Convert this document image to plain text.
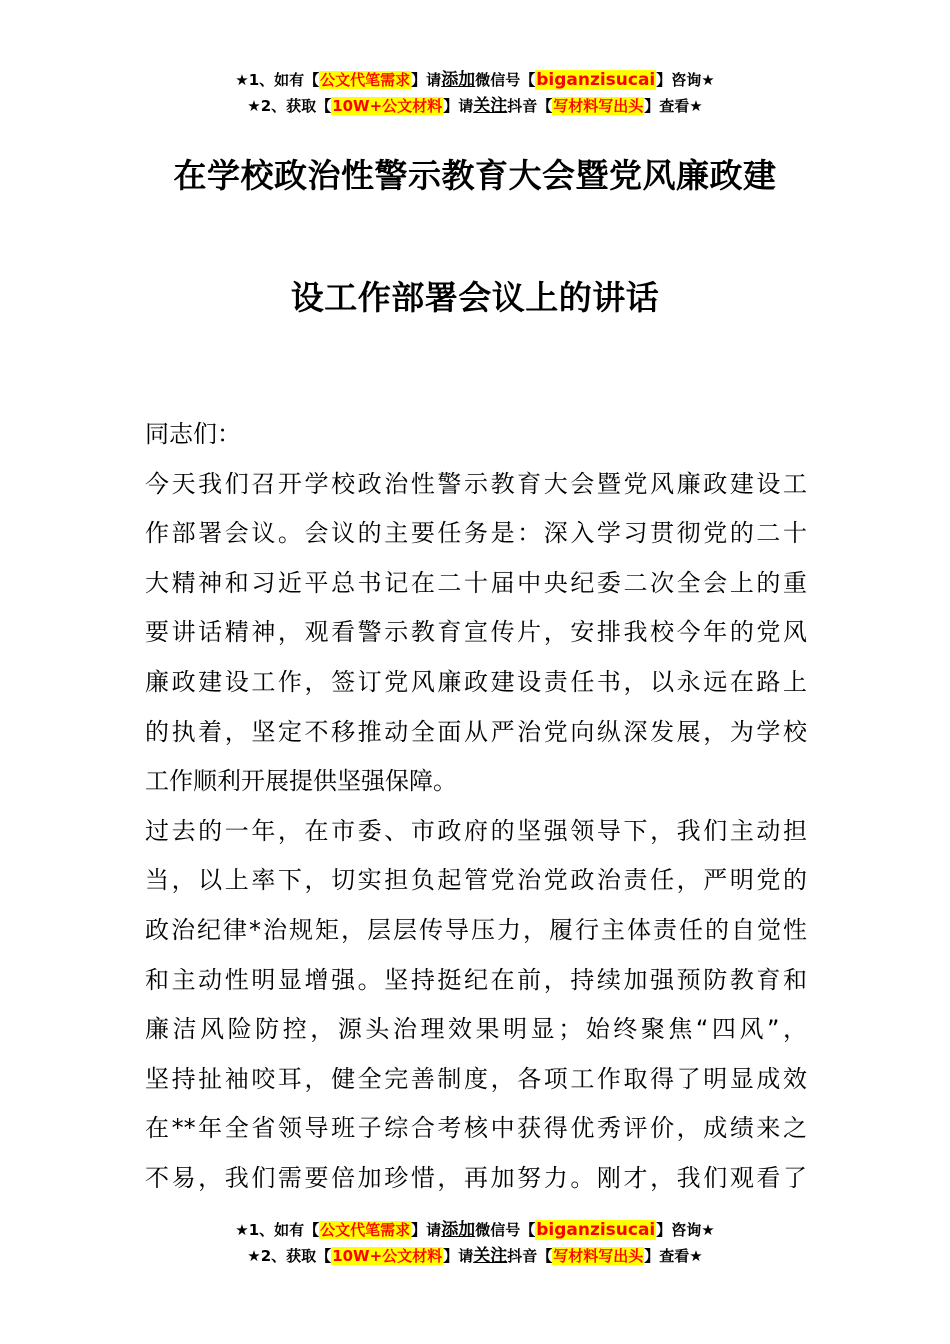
★1、如有【公文代笔需求】请添加微信号【biganzisucai】咨询★
★2、获取【10W+公文材料】请关注抖音【写材料写出头】查看★
在学校政治性警示教育大会暨党风廉政建
设工作部署会议上的讲话

同志们：

今天我们召开学校政治性警示教育大会暨党风廉政建设工
作部署会议。会议的主要任务是：深入学习贯彻党的二十
大精神和习近平总书记在二十届中央纪委二次全会上的重
要讲话精神，观看警示教育宣传片，安排我校今年的党风
廉政建设工作，签订党风廉政建设责任书，以永远在路上
的执着，坚定不移推动全面从严治党向纵深发展，为学校
工作顺利开展提供坚强保障。

过去的一年，在市委、市政府的坚强领导下，我们主动担
当，以上率下，切实担负起管党治党政治责任，严明党的
政治纪律*治规矩，层层传导压力，履行主体责任的自觉性
和主动性明显增强。坚持挺纪在前，持续加强预防教育和
廉洁风险防控，源头治理效果明显；始终聚焦“四风”，
坚持扯袖咬耳，健全完善制度，各项工作取得了明显成效
在**年全省领导班子综合考核中获得优秀评价，成绩来之
不易，我们需要倍加珍惜，再加努力。刚才，我们观看了

★1、如有【公文代笔需求】请添加微信号【biganzisucai】咨询★
★2、获取【10W+公文材料】请关注抖音【写材料写出头】查看★
